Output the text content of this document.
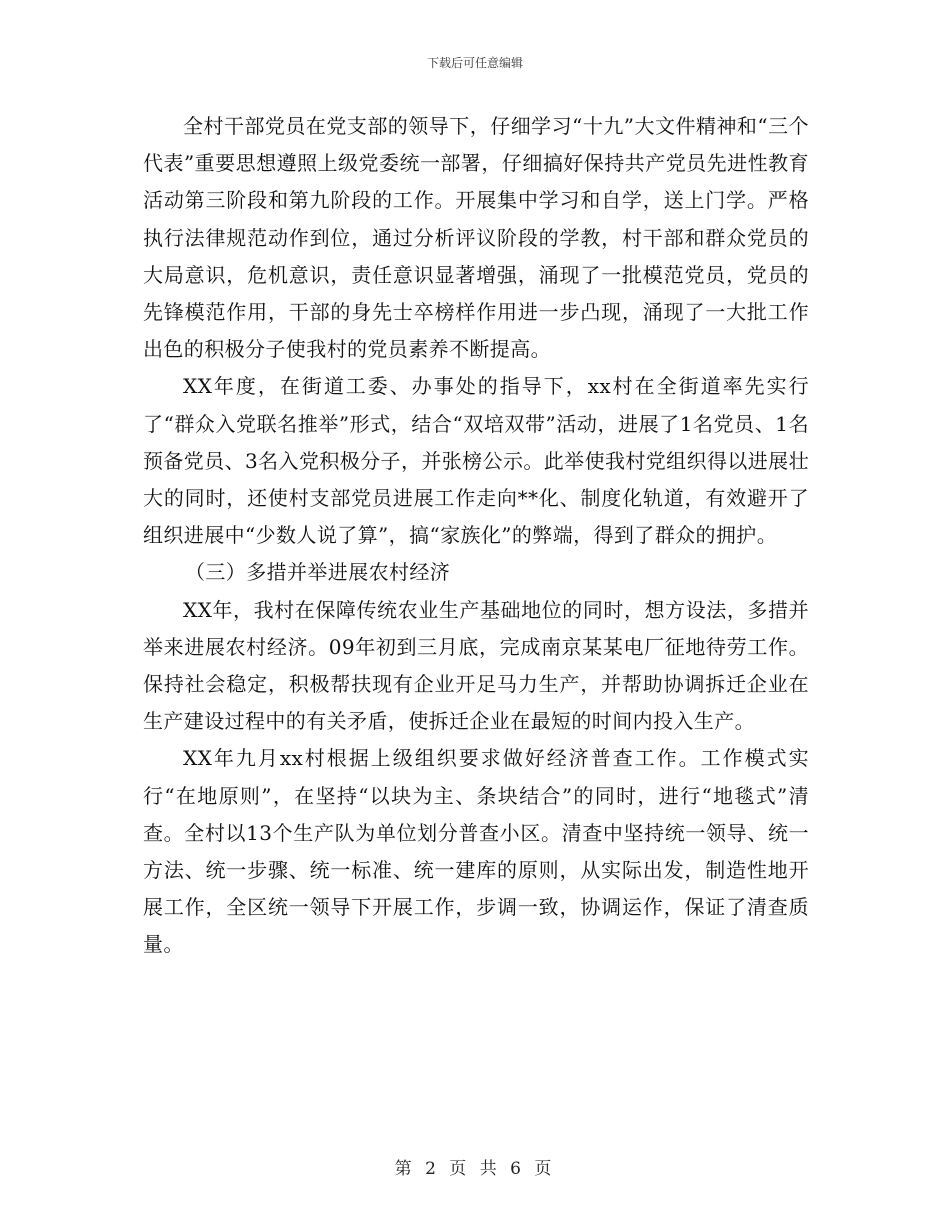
下载后可任意编辑

全村干部党员在党支部的领导下，仔细学习“十九”大文件精神和“三个代表”重要思想遵照上级党委统一部署，仔细搞好保持共产党员先进性教育活动第三阶段和第九阶段的工作。开展集中学习和自学，送上门学。严格执行法律规范动作到位，通过分析评议阶段的学教，村干部和群众党员的大局意识，危机意识，责任意识显著增强，涌现了一批模范党员，党员的先锋模范作用，干部的身先士卒榜样作用进一步凸现，涌现了一大批工作出色的积极分子使我村的党员素养不断提高。

XX年度，在街道工委、办事处的指导下，xx村在全街道率先实行了“群众入党联名推举”形式，结合“双培双带”活动，进展了1名党员、1名预备党员、3名入党积极分子，并张榜公示。此举使我村党组织得以进展壮大的同时，还使村支部党员进展工作走向**化、制度化轨道，有效避开了组织进展中“少数人说了算”，搞“家族化”的弊端，得到了群众的拥护。

（三）多措并举进展农村经济

XX年，我村在保障传统农业生产基础地位的同时，想方设法，多措并举来进展农村经济。09年初到三月底，完成南京某某电厂征地待劳工作。保持社会稳定，积极帮扶现有企业开足马力生产，并帮助协调拆迁企业在生产建设过程中的有关矛盾，使拆迁企业在最短的时间内投入生产。

XX年九月xx村根据上级组织要求做好经济普查工作。工作模式实行“在地原则”，在坚持“以块为主、条块结合”的同时，进行“地毯式”清查。全村以13个生产队为单位划分普查小区。清查中坚持统一领导、统一方法、统一步骤、统一标准、统一建库的原则，从实际出发，制造性地开展工作，全区统一领导下开展工作，步调一致，协调运作，保证了清查质量。

第 2 页 共 6 页
